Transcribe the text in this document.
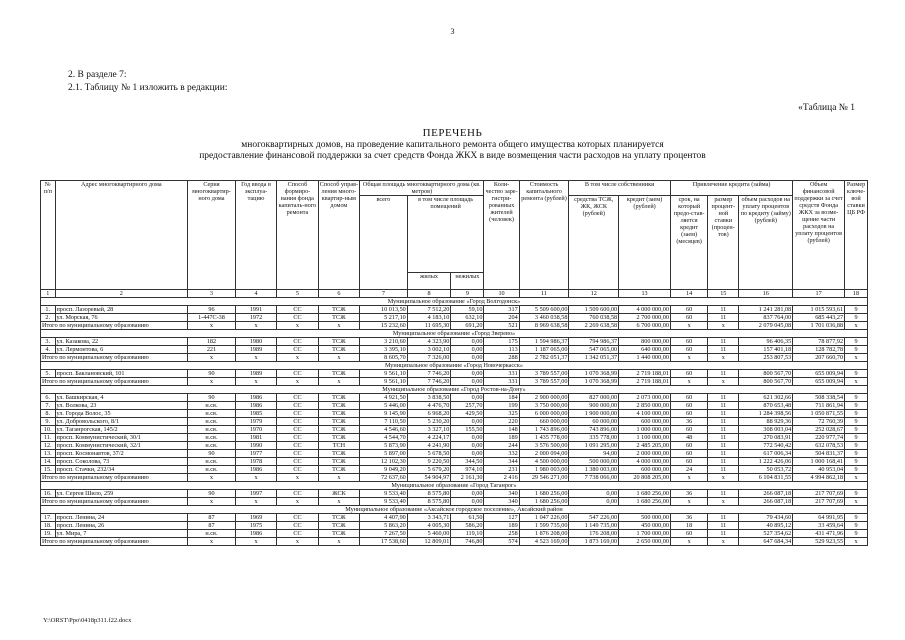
3
2. В разделе 7:
2.1. Таблицу № 1 изложить в редакции:
«Таблица № 1
ПЕРЕЧЕНЬ
многоквартирных домов, на проведение капитального ремонта общего имущества которых планируется
предоставление финансовой поддержки за счет средств Фонда ЖКХ в виде возмещения части расходов на уплату процентов
№ п/п	Адрес многоквартирного дома	Серия многоквартир-ного дома	Год ввода в эксплуа-тацию	Способ формиро-вания фонда капиталь-ного ремонта	Способ управ-ления много-квартир-ным домом	Общая площадь многоквартирного дома (кв. метров)			Коли-чество заре-гистри-рованных жителей (человек)	Стоимость капитального ремонта (рублей)	В том числе собственники		Привлечение кредита (займа)			Объем финансовой поддержки за счет средств Фонда ЖКХ за возме-щение части расходов на уплату процентов (рублей)	Размер ключе-вой ставки ЦБ РФ
						всего	в том числе площадь помещений				средства ТСЖ, ЖК, ЖСК (рублей)	кредит (заем) (рублей)	срок, на который предо-став-ляется кредит (заем) (месяцев)	размер процент-ной ставки (процен-тов)	объем расходов на уплату процентов по кредиту (займу) (рублей)		
							жилых	нежилых									
1	2	3	4	5	6	7	8	9	10	11	12	13	14	15	16	17	18
Муниципальное образование «Город Волгодонск»																	
1.	просп. Лазоревый, 28	96	1991	СС	ТСЖ	10 013,50	7 512,20	59,10	317	5 509 600,00	1 509 600,00	4 000 000,00	60	11	1 241 281,08	1 015 593,61	9
2.	ул. Морская, 76	1-447С-38	1972	СС	ТСЖ	5 217,10	4 183,10	632,10	204	3 460 038,58	760 038,58	2 700 000,00	60	11	837 764,00	685 443,27	9
Итого по муниципальному образованию		x	x	x	x	15 232,60	11 695,30	691,20	521	8 969 638,58	2 269 638,58	6 700 000,00	x	x	2 079 045,08	1 701 036,88	x
Муниципальное образование «Город Зверево»																	
3.	ул. Казакова, 22	182	1980	СС	ТСЖ	3 210,60	4 323,90	0,00	175	1 594 986,37	794 986,37	800 000,00	60	11	96 406,35	78 877,92	9
4.	ул. Лермонтова, 6	221	1989	СС	ТСЖ	3 395,10	3 002,10	0,00	113	1 187 065,00	547 065,00	640 000,00	60	11	157 401,18	128 782,78	9
Итого по муниципальному образованию		x	x	x	x	8 605,70	7 326,00	0,00	288	2 782 051,37	1 342 051,37	1 440 000,00	x	x	253 807,53	207 660,70	x
Муниципальное образование «Город Новочеркасск»																	
5.	просп. Баклановский, 101	90	1989	СС	ТСЖ	9 561,10	7 746,20	0,00	331	3 789 557,00	1 070 368,99	2 719 188,01	60	11	800 567,70	655 009,94	9
Итого по муниципальному образованию		x	x	x	x	9 561,10	7 746,20	0,00	331	3 789 557,00	1 070 368,99	2 719 188,01	x	x	800 567,70	655 009,94	x
Муниципальное образование «Город Ростов-на-Дону»																	
6.	ул. Башкирская, 4	90	1986	СС	ТСЖ	4 921,50	3 838,50	0,00	184	2 900 000,00	827 000,00	2 073 000,00	60	11	621 302,66	508 338,54	9
7.	ул. Волкова, 23	н.св.	1986	СС	ТСЖ	5 446,00	4 476,70	257,70	199	3 750 000,00	900 000,00	2 850 000,00	60	11	870 653,48	711 861,94	9
8.	ул. Города Волос, 35	н.св.	1985	СС	ТСЖ	9 145,90	6 968,20	429,50	325	6 000 000,00	1 900 000,00	4 100 000,00	60	11	1 284 398,56	1 050 871,55	9
9.	ул. Добровольского, 8/1	н.св.	1979	СС	ТСЖ	7 110,50	5 230,20	0,00	220	660 000,00	60 000,00	600 000,00	36	11	88 929,36	72 760,39	9
10.	ул. Таганрогская, 145/2	н.св.	1970	СС	ТСЖ	4 546,60	3 327,10	155,50	148	1 743 896,00	743 896,00	1 000 000,00	60	11	308 003,04	252 028,67	9
11.	просп. Коммунистический, 30/1	н.св.	1981	СС	ТСЖ	4 544,70	4 224,17	0,00	189	1 435 778,00	335 778,00	1 100 000,00	48	11	270 083,91	220 977,74	9
12.	просп. Коммунистический, 32/1	н.св.	1990	СС	ТСН	5 873,90	4 241,90	0,00	244	3 576 500,00	1 091 295,00	2 485 205,00	60	11	772 540,42	632 078,53	9
13.	просп. Космонавтов, 37/2	90	1977	СС	ТСЖ	5 897,00	5 678,50	0,00	332	2 000 094,00	94,00	2 000 000,00	60	11	617 006,34	504 831,37	9
14.	просп. Соколова, 73	н.св.	1978	СС	ТСЖ	12 102,30	9 220,50	344,50	344	4 500 000,00	500 000,00	4 000 000,00	60	11	1 222 426,06	1 000 168,41	9
15.	просп. Стачки, 232/34	н.св.	1986	СС	ТСЖ	9 049,20	5 679,20	974,10	231	1 980 003,00	1 380 003,00	600 000,00	24	11	50 053,72	40 953,04	9
Итого по муниципальному образованию		x	x	x	x	72 637,60	54 904,97	2 161,30	2 416	29 546 271,00	7 738 066,00	20 808 205,00	x	x	6 104 831,55	4 994 862,18	x
Муниципальное образование «Город Таганрог»																	
16.	ул. Сергея Шило, 259	90	1997	СС	ЖСК	9 533,40	8 575,80	0,00	340	1 680 256,00	0,00	1 680 256,00	36	11	266 087,18	217 707,69	9
Итого по муниципальному образованию		x	x	x	x	9 533,40	8 575,80	0,00	340	1 680 256,00	0,00	1 680 256,00	x	x	266 087,18	217 707,69	x
Муниципальное образование «Аксайское городское поселение», Аксайский район																	
17.	просп. Ленина, 24	87	1969	СС	ТСЖ	4 407,90	3 343,71	61,50	127	1 047 226,00	547 226,00	500 000,00	36	11	79 434,60	64 991,95	9
18.	просп. Ленина, 26	87	1975	СС	ТСЖ	5 863,20	4 005,30	586,20	189	1 599 735,00	1 149 735,00	450 000,00	18	11	40 895,12	33 459,64	9
19.	ул. Мира, 7	н.св.	1986	СС	ТСЖ	7 267,50	5 460,00	119,10	258	1 876 208,00	176 208,00	1 700 000,00	60	11	527 354,62	431 471,96	9
Итого по муниципальному образованию		x	x	x	x	17 538,60	12 809,01	746,80	574	4 523 169,00	1 873 169,00	2 650 000,00	x	x	647 684,34	529 923,55	x
Y:\ORST\Ppo\0418p311.f22.docx
